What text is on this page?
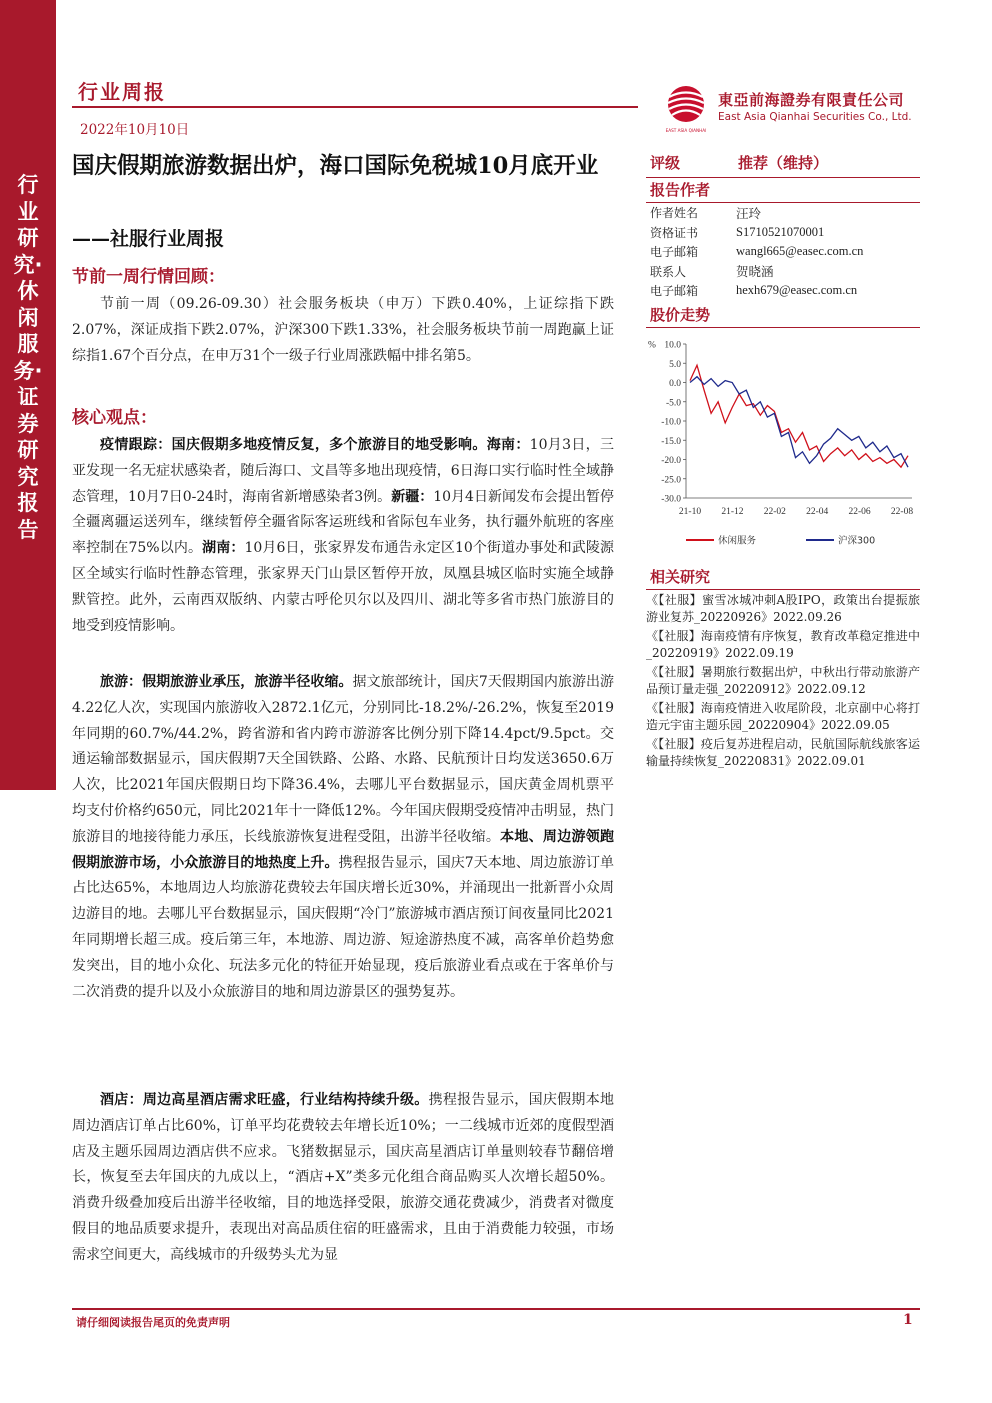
行业研究·休闲服务·证券研究报告
行业周报
2022年10月10日	EAST ASIA QIANHAI
東亞前海證券有限責任公司
East Asia Qianhai Securities Co., Ltd.
国庆假期旅游数据出炉，海口国际免税城10月底开业
——社服行业周报
节前一周行情回顾：
节前一周（09.26-09.30）社会服务板块（申万）下跌0.40%，上证综指下跌2.07%，深证成指下跌2.07%，沪深300下跌1.33%，社会服务板块节前一周跑赢上证综指1.67个百分点，在申万31个一级子行业周涨跌幅中排名第5。
核心观点：
疫情跟踪：国庆假期多地疫情反复，多个旅游目的地受影响。海南：10月3日，三亚发现一名无症状感染者，随后海口、文昌等多地出现疫情，6日海口实行临时性全域静态管理，10月7日0-24时，海南省新增感染者3例。新疆：10月4日新闻发布会提出暂停全疆离疆运送列车，继续暂停全疆省际客运班线和省际包车业务，执行疆外航班的客座率控制在75%以内。湖南：10月6日，张家界发布通告永定区10个街道办事处和武陵源区全域实行临时性静态管理，张家界天门山景区暂停开放，凤凰县城区临时实施全域静默管控。此外，云南西双版纳、内蒙古呼伦贝尔以及四川、湖北等多省市热门旅游目的地受到疫情影响。
旅游：假期旅游业承压，旅游半径收缩。据文旅部统计，国庆7天假期国内旅游出游4.22亿人次，实现国内旅游收入2872.1亿元，分别同比-18.2%/-26.2%，恢复至2019年同期的60.7%/44.2%，跨省游和省内跨市游游客比例分别下降14.4pct/9.5pct。交通运输部数据显示，国庆假期7天全国铁路、公路、水路、民航预计日均发送3650.6万人次，比2021年国庆假期日均下降36.4%，去哪儿平台数据显示，国庆黄金周机票平均支付价格约650元，同比2021年十一降低12%。今年国庆假期受疫情冲击明显，热门旅游目的地接待能力承压，长线旅游恢复进程受阻，出游半径收缩。本地、周边游领跑假期旅游市场，小众旅游目的地热度上升。携程报告显示，国庆7天本地、周边旅游订单占比达65%，本地周边人均旅游花费较去年国庆增长近30%，并涌现出一批新晋小众周边游目的地。去哪儿平台数据显示，国庆假期“冷门”旅游城市酒店预订间夜量同比2021年同期增长超三成。疫后第三年，本地游、周边游、短途游热度不减，高客单价趋势愈发突出，目的地小众化、玩法多元化的特征开始显现，疫后旅游业看点或在于客单价与二次消费的提升以及小众旅游目的地和周边游景区的强势复苏。
酒店：周边高星酒店需求旺盛，行业结构持续升级。携程报告显示，国庆假期本地周边酒店订单占比60%，订单平均花费较去年增长近10%；一二线城市近郊的度假型酒店及主题乐园周边酒店供不应求。飞猪数据显示，国庆高星酒店订单量则较春节翻倍增长，恢复至去年国庆的九成以上，“酒店+X”类多元化组合商品购买人次增长超50%。消费升级叠加疫后出游半径收缩，目的地选择受限，旅游交通花费减少，消费者对微度假目的地品质要求提升，表现出对高品质住宿的旺盛需求，且由于消费能力较强，市场需求空间更大，高线城市的升级势头尤为显
评级	推荐（维持）
报告作者
作者姓名	汪玲
资格证书	S1710521070001
电子邮箱	wangl665@easec.com.cn
联系人	贺晓涵
电子邮箱	hexh679@easec.com.cn
股价走势
10.0
5.0
0.0
-5.0
-10.0
-15.0
-20.0
-25.0
-30.0
%
21-10 21-12 22-02 22-04 22-06 22-08
休闲服务	沪深300
相关研究
《【社服】蜜雪冰城冲刺A股IPO，政策出台提振旅游业复苏_20220926》2022.09.26
《【社服】海南疫情有序恢复，教育改革稳定推进中_20220919》2022.09.19
《【社服】暑期旅行数据出炉，中秋出行带动旅游产品预订量走强_20220912》2022.09.12
《【社服】海南疫情进入收尾阶段，北京副中心将打造元宇宙主题乐园_20220904》2022.09.05
《【社服】疫后复苏进程启动，民航国际航线旅客运输量持续恢复_20220831》2022.09.01
请仔细阅读报告尾页的免责声明	1
